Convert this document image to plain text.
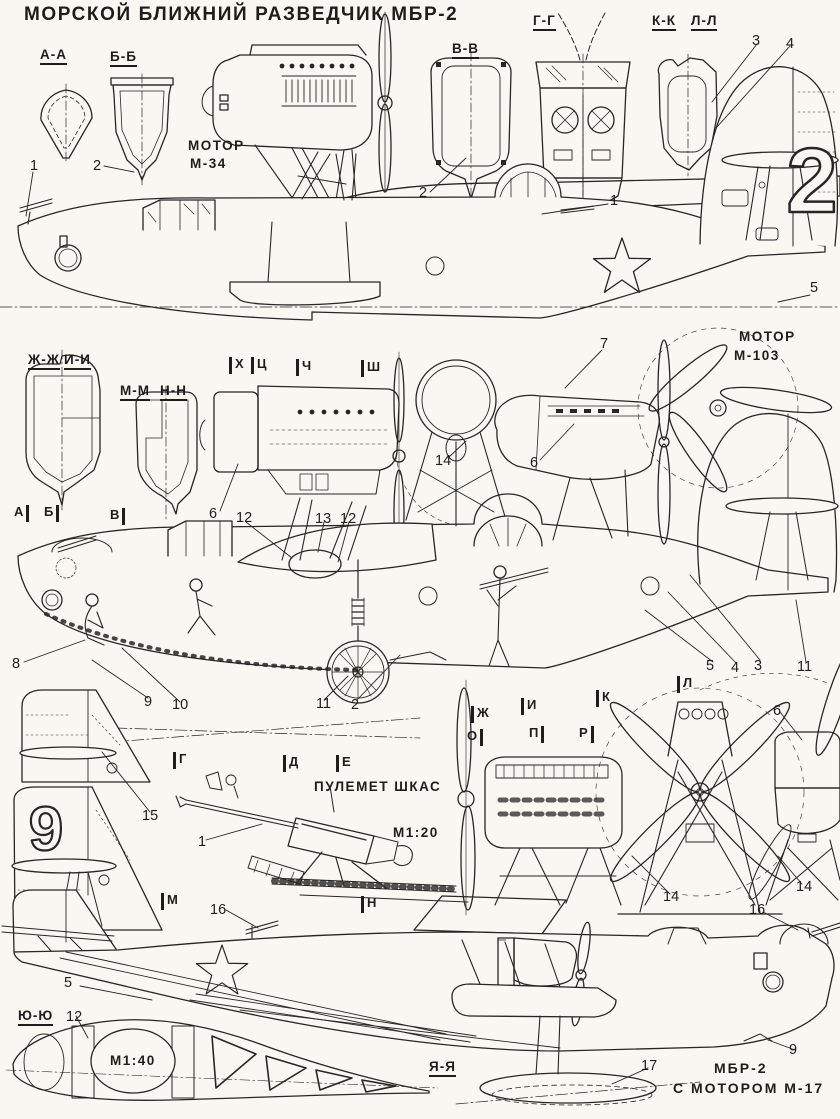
2
9
МОРСКОЙ БЛИЖНИЙ РАЗВЕДЧИК МБР-2
А-А	Б-Б
В-В
Г-Г	К-К Л-Л
Ж-Ж И-И
М-М Н-Н
Ю-Ю
Я-Я
МОТОР
М-34
МОТОР
М-103
ПУЛЕМЕТ ШКАС
М1:20
М1:40	МБР-2
С МОТОРОМ М-17
Х Ц	Ч	Ш
А Б	В
Г	Д	Е
Ж
О
И
П
К
Р
Л
М	Н
1	2
2
3 4
1
5
7
14	6
6 12	13 12
8
9 10	11 2
5 4 3 11
15
1
6
16
14
14
16
5
12
17
9
